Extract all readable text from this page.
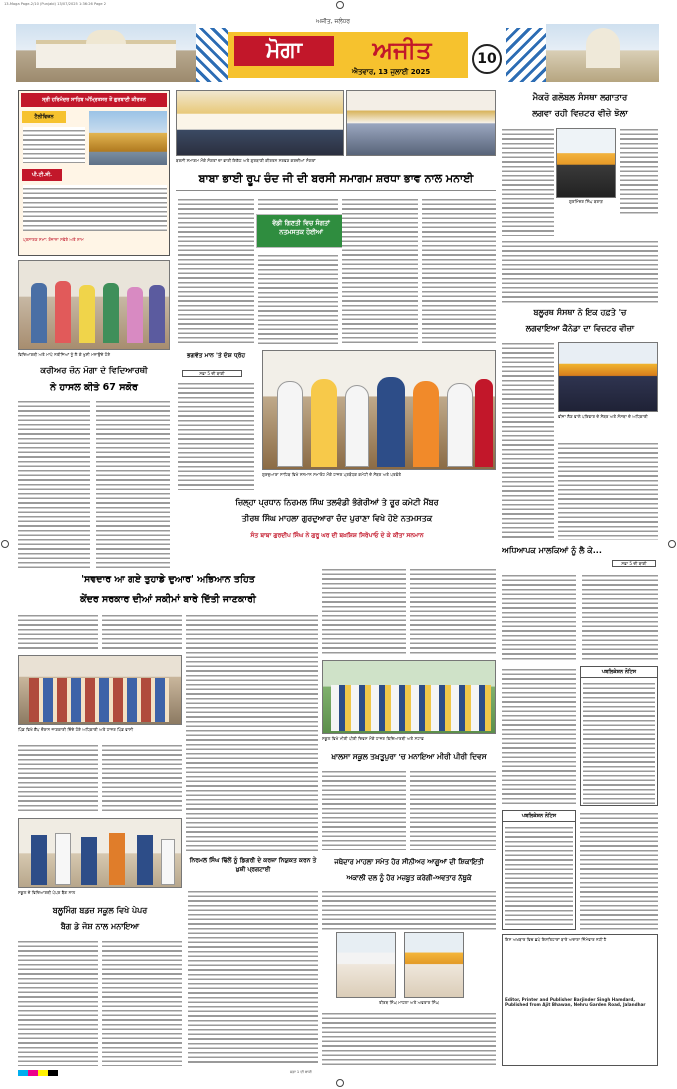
13-Moga Page-2/10 (Punjabi) 13/07/2025 1:36:26 Page 2
ਅਜੀਤ, ਜਲੰਧਰ
ਮੋਗਾ	ਅਜੀਤ
ਐਤਵਾਰ, 13 ਜੁਲਾਈ 2025
10
ਸ੍ਰੀ ਹਰਿਮੰਦਰ ਸਾਹਿਬ ਅੰਮ੍ਰਿਤਸਰ ਤੋਂ ਗੁਰਬਾਣੀ ਕੀਰਤਨ
ਟੈਲੀਵਿਜ਼ਨ
ਪੀ.ਟੀ.ਸੀ.
ਪ੍ਰਸਾਰਣ ਸਮਾਂ: ਰੋਜ਼ਾਨਾ ਸਵੇਰੇ ਅਤੇ ਸ਼ਾਮ
ਵਿਦਿਆਰਥੀ ਅਤੇ ਮਾਪੇ ਨਤੀਜਿਆਂ ਨੂੰ ਲੈ ਕੇ ਖੁਸ਼ੀ ਮਨਾਉਂਦੇ ਹੋਏ
ਕਰੀਅਰ ਜ਼ੋਨ ਮੋਗਾ ਦੇ ਵਿਦਿਆਰਥੀ
ਨੇ ਹਾਸਲ ਕੀਤੇ 67 ਸਕੋਰ
ਬਰਸੀ ਸਮਾਗਮ ਮੌਕੇ ਸੰਗਤਾਂ ਦਾ ਭਾਰੀ ਇਕੱਠ ਅਤੇ ਗੁਰਬਾਣੀ ਕੀਰਤਨ ਸਰਵਣ ਕਰਦੀਆਂ ਸੰਗਤਾਂ
ਬਾਬਾ ਭਾਈ ਰੂਪ ਚੰਦ ਜੀ ਦੀ ਬਰਸੀ ਸਮਾਗਮ ਸ਼ਰਧਾ ਭਾਵ ਨਾਲ ਮਨਾਈ
ਵੱਡੀ ਗਿਣਤੀ ਵਿਚ ਸੰਗਤਾਂ ਨਤਮਸਤਕ ਹੋਈਆਂ
ਭਗਵੰਤ ਮਾਨ 'ਤੇ ਦੋਸ਼ ਧ੍ਰੋਹ
ਸਫ਼ਾ 5 ਦੀ ਬਾਕੀ
ਗੁਰਦੁਆਰਾ ਸਾਹਿਬ ਵਿਖੇ ਸਨਮਾਨ ਸਮਾਰੋਹ ਮੌਕੇ ਹਾਜ਼ਰ ਪ੍ਰਬੰਧਕ ਕਮੇਟੀ ਦੇ ਮੈਂਬਰ ਅਤੇ ਪਤਵੰਤੇ
ਜ਼ਿਲ੍ਹਾ ਪ੍ਰਧਾਨ ਨਿਰਮਲ ਸਿੰਘ ਤਲਵੰਡੀ ਭੰਗੇਰੀਆਂ ਤੇ ਰੂਰ ਕਮੇਟੀ ਮੈਂਬਰ
ਤੀਰਥ ਸਿੰਘ ਮਾਹਲਾ ਗੁਰਦੁਆਰਾ ਚੰਦ ਪੁਰਾਣਾ ਵਿਖੇ ਹੋਏ ਨਤਮਸਤਕ
ਸੰਤ ਬਾਬਾ ਗੁਰਦੀਪ ਸਿੰਘ ਨੇ ਗੁਰੂ ਘਰ ਦੀ ਬਖ਼ਸ਼ਿਸ਼ ਸਿਰੋਪਾਓ ਦੇ ਕੇ ਕੀਤਾ ਸਨਮਾਨ
ਮੈਕਰੋ ਗਲੋਬਲ ਸੰਸਥਾ ਲਗਾਤਾਰ
ਲਗਵਾ ਰਹੀ ਵਿਜ਼ਟਰ ਵੀਜ਼ੇ ਝੋਲਾ
ਗੁਰਮਿੰਦਰ ਸਿੰਘ ਬਰਾੜ
ਬਲੂਰਥ ਸੰਸਥਾ ਨੇ ਇਕ ਹਫ਼ਤੇ 'ਚ
ਲਗਵਾਇਆ ਕੈਨੇਡਾ ਦਾ ਵਿਜ਼ਟਰ ਵੀਜ਼ਾ
ਵੀਜ਼ਾ ਲੈਣ ਵਾਲੇ ਪਰਿਵਾਰ ਦੇ ਮੈਂਬਰ ਅਤੇ ਸੰਸਥਾ ਦੇ ਅਧਿਕਾਰੀ
ਅਧਿਆਪਕ ਮਾਲਕਿਆਂ ਨੂੰ ਲੈ ਕੇ...
ਸਫ਼ਾ 5 ਦੀ ਬਾਕੀ
ਪਬਲਿਕੇਸ਼ਨ ਨੋਟਿਸ
ਪਬਲਿਕੇਸ਼ਨ ਨੋਟਿਸ
'ਸਵਦਾਰ ਆ ਗਏ ਤੁਹਾਡੇ ਦੁਆਰ' ਅਭਿਆਨ ਤਹਿਤ
ਕੇਂਦਰ ਸਰਕਾਰ ਦੀਆਂ ਸਕੀਮਾਂ ਬਾਰੇ ਦਿੱਤੀ ਜਾਣਕਾਰੀ
ਪਿੰਡ ਵਿਖੇ ਕੈਂਪ ਦੌਰਾਨ ਜਾਣਕਾਰੀ ਦਿੰਦੇ ਹੋਏ ਅਧਿਕਾਰੀ ਅਤੇ ਹਾਜ਼ਰ ਪਿੰਡ ਵਾਸੀ
ਸਕੂਲ ਦੇ ਵਿਦਿਆਰਥੀ ਪੇਪਰ ਬੈਗ ਨਾਲ
ਬਲੂਮਿੰਗ ਬਡਜ਼ ਸਕੂਲ ਵਿਖੇ ਪੇਪਰ
ਬੈਗ ਡੇ ਜੋਸ਼ ਨਾਲ ਮਨਾਇਆ
ਨਿਰਮਲ ਸਿੰਘ ਢਿੱਲੋਂ ਨੂੰ ਡਿਗਰੀ ਦੇ ਕਰਜ਼ਾ ਨਿਯੁਕਤ ਕਰਨ ਤੇ ਖ਼ੁਸ਼ੀ ਪ੍ਰਗਟਾਈ
ਸਕੂਲ ਵਿਖੇ ਮੀਰੀ ਪੀਰੀ ਦਿਵਸ ਮੌਕੇ ਹਾਜ਼ਰ ਵਿਦਿਆਰਥੀ ਅਤੇ ਸਟਾਫ਼
ਖ਼ਾਲਸਾ ਸਕੂਲ ਤਖ਼ਤੂਪੁਰਾ 'ਚ ਮਨਾਇਆ ਮੀਰੀ ਪੀਰੀ ਦਿਵਸ
ਜਥੇਦਾਰ ਮਾਹਲਾ ਸਮੇਤ ਹੋਰ ਸੀਨੀਅਰ ਆਗੂਆਂ ਦੀ ਸ਼ਿਕਾਇਤੀ
ਅਕਾਲੀ ਦਲ ਨੂੰ ਹੋਰ ਮਜ਼ਬੂਤ ਕਰੇਗੀ-ਅਵਤਾਰ ਨੱਥੂਕੇ
ਤੀਰਥ ਸਿੰਘ ਮਾਹਲਾ ਅਤੇ ਅਵਤਾਰ ਸਿੰਘ
ਇਸ ਅਖ਼ਬਾਰ ਵਿਚ ਛਪੇ ਇਸ਼ਤਿਹਾਰਾਂ ਬਾਰੇ ਅਦਾਰਾ ਜ਼ਿੰਮੇਵਾਰ ਨਹੀਂ ਹੈ
Editor, Printer and Publisher Barjinder Singh Hamdard, Published from Ajit Bhawan, Nehru Garden Road, Jalandhar
ਸਫ਼ਾ 1 ਦੀ ਬਾਕੀ
